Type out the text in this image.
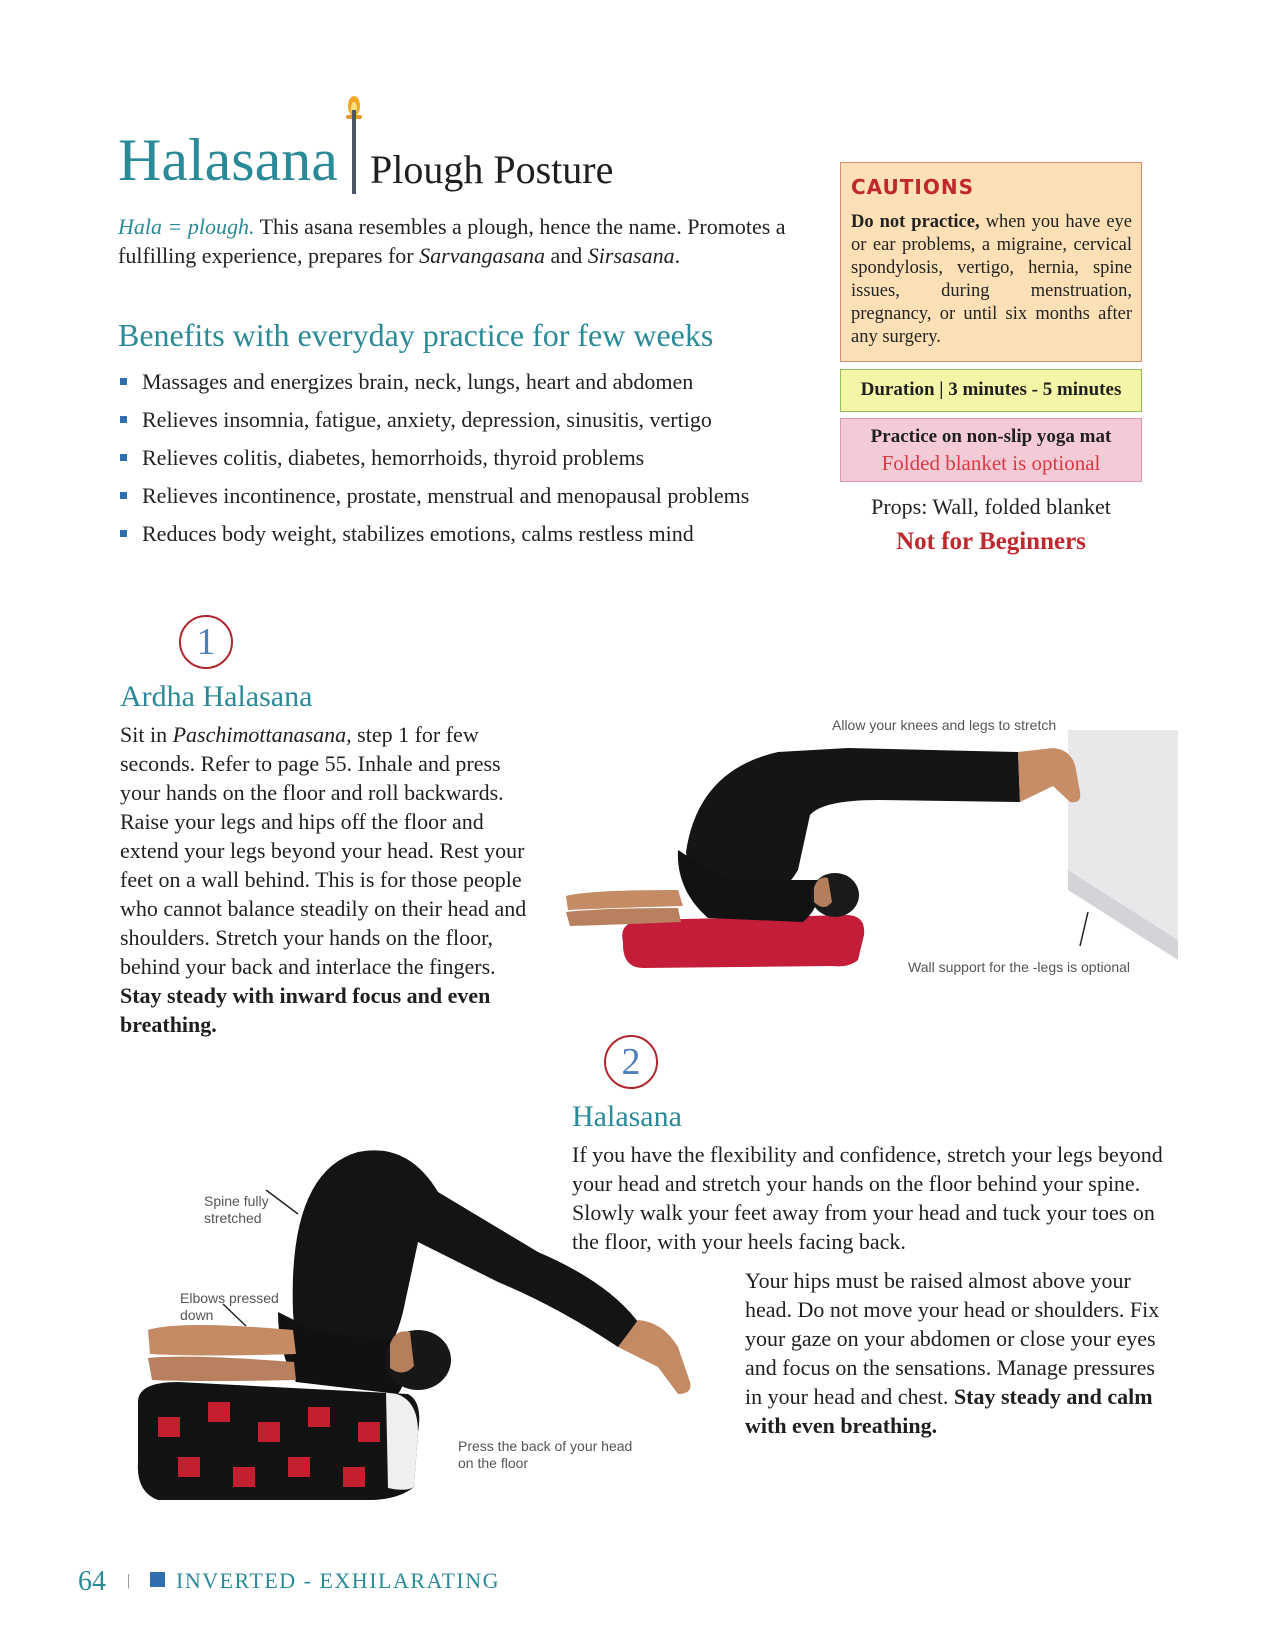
Halasana Plough Posture
Hala = plough. This asana resembles a plough, hence the name. Promotes a fulfilling experience, prepares for Sarvangasana and Sirsasana.
Benefits with everyday practice for few weeks
Massages and energizes brain, neck, lungs, heart and abdomen
Relieves insomnia, fatigue, anxiety, depression, sinusitis, vertigo
Relieves colitis, diabetes, hemorrhoids, thyroid problems
Relieves incontinence, prostate, menstrual and menopausal problems
Reduces body weight, stabilizes emotions, calms restless mind
CAUTIONS
Do not practice, when you have eye or ear problems, a migraine, cervical spondylosis, vertigo, hernia, spine issues, during menstruation, pregnancy, or until six months after any surgery.
Duration | 3 minutes - 5 minutes
Practice on non-slip yoga mat
Folded blanket is optional
Props: Wall, folded blanket
Not for Beginners
1
Ardha Halasana
Sit in Paschimottanasana, step 1 for few seconds. Refer to page 55. Inhale and press your hands on the floor and roll backwards. Raise your legs and hips off the floor and extend your legs beyond your head. Rest your feet on a wall behind. This is for those people who cannot balance steadily on their head and shoulders. Stretch your hands on the floor, behind your back and interlace the fingers. Stay steady with inward focus and even breathing.
Allow your knees and legs to stretch
Wall support for the -legs is optional
2
Halasana
If you have the flexibility and confidence, stretch your legs beyond your head and stretch your hands on the floor behind your spine. Slowly walk your feet away from your head and tuck your toes on the floor, with your heels facing back.
Your hips must be raised almost above your head. Do not move your head or shoulders. Fix your gaze on your abdomen or close your eyes and focus on the sensations. Manage pressures in your head and chest. Stay steady and calm with even breathing.
Spine fully stretched
Elbows pressed down
Press the back of your head on the floor
64 | INVERTED - EXHILARATING
